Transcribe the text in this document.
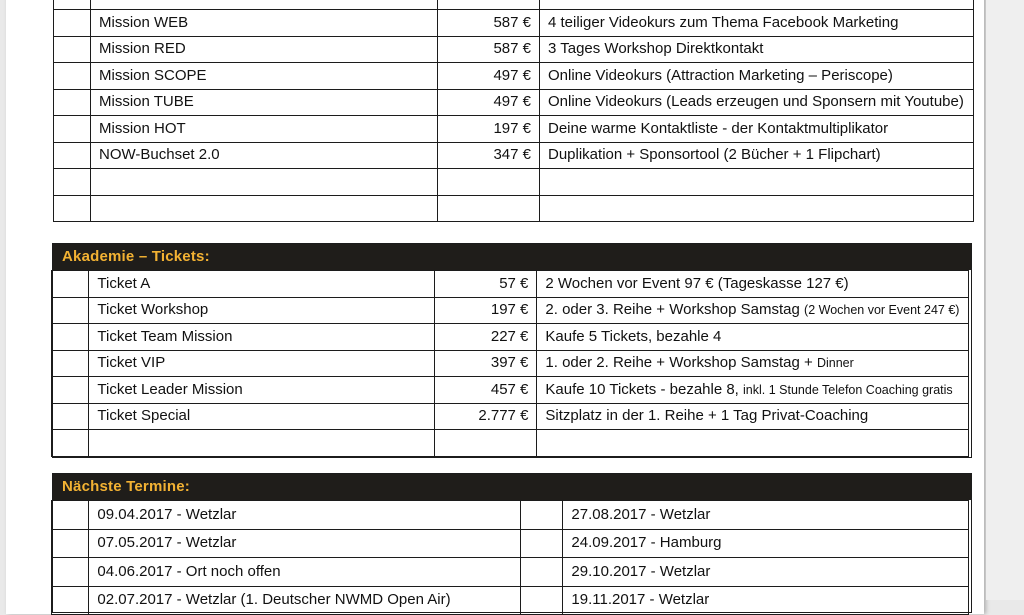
	Mission WEB	587 €	4 teiliger Videokurs zum Thema Facebook Marketing
	Mission RED	587 €	3 Tages Workshop Direktkontakt
	Mission SCOPE	497 €	Online Videokurs (Attraction Marketing – Periscope)
	Mission TUBE	497 €	Online Videokurs (Leads erzeugen und Sponsern mit Youtube)
	Mission HOT	197 €	Deine warme Kontaktliste - der Kontaktmultiplikator
	NOW-Buchset 2.0	347 €	Duplikation + Sponsortool (2 Bücher + 1 Flipchart)

Akademie – Tickets:
	Ticket A	57 €	2 Wochen vor Event 97 € (Tageskasse 127 €)
	Ticket Workshop	197 €	2. oder 3. Reihe + Workshop Samstag (2 Wochen vor Event 247 €)
	Ticket Team Mission	227 €	Kaufe 5 Tickets, bezahle 4
	Ticket VIP	397 €	1. oder 2. Reihe + Workshop Samstag + Dinner
	Ticket Leader Mission	457 €	Kaufe 10 Tickets - bezahle 8, inkl. 1 Stunde Telefon Coaching gratis
	Ticket Special	2.777 €	Sitzplatz in der 1. Reihe + 1 Tag Privat-Coaching

Nächste Termine:
	09.04.2017 - Wetzlar		27.08.2017 - Wetzlar
	07.05.2017 - Wetzlar		24.09.2017 - Hamburg
	04.06.2017 - Ort noch offen		29.10.2017 - Wetzlar
	02.07.2017 - Wetzlar (1. Deutscher NWMD Open Air)		19.11.2017 - Wetzlar
